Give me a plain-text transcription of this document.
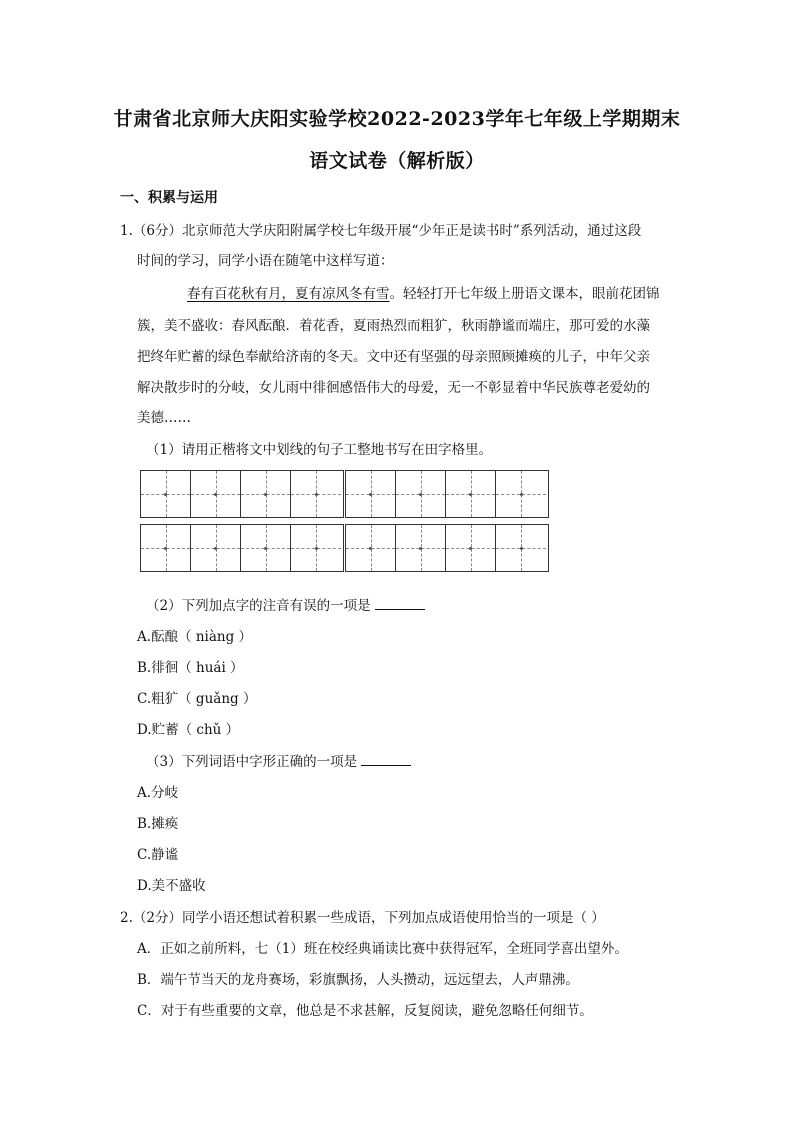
甘肃省北京师大庆阳实验学校2022-2023学年七年级上学期期末
语文试卷（解析版）
一、积累与运用
1.（6分）北京师范大学庆阳附属学校七年级开展“少年正是读书时”系列活动，通过这段
时间的学习，同学小语在随笔中这样写道：
春有百花秋有月，夏有凉风冬有雪。轻轻打开七年级上册语文课本，眼前花团锦
簇，美不盛收：春风酝酿．着花香，夏雨热烈而粗犷，秋雨静谧而端庄，那可爱的水藻
把终年贮蓄的绿色奉献给济南的冬天。文中还有坚强的母亲照顾摊痪的儿子，中年父亲
解决散步时的分岐，女儿雨中徘徊感悟伟大的母爱，无一不彰显着中华民族尊老爱幼的
美德……
（1）请用正楷将文中划线的句子工整地书写在田字格里。
（2）下列加点字的注音有误的一项是
A.酝酿（ niàng ）
B.徘徊（ huái ）
C.粗犷（ guǎng ）
D.贮蓄（ chǔ ）
（3）下列词语中字形正确的一项是
A.分岐
B.摊痪
C.静谧
D.美不盛收
2.（2分）同学小语还想试着积累一些成语，下列加点成语使用恰当的一项是（ ）
A．正如之前所料，七（1）班在校经典诵读比赛中获得冠军，全班同学喜出望外。
B．端午节当天的龙舟赛场，彩旗飘扬，人头攒动，远远望去，人声鼎沸。
C．对于有些重要的文章，他总是不求甚解，反复阅读，避免忽略任何细节。
